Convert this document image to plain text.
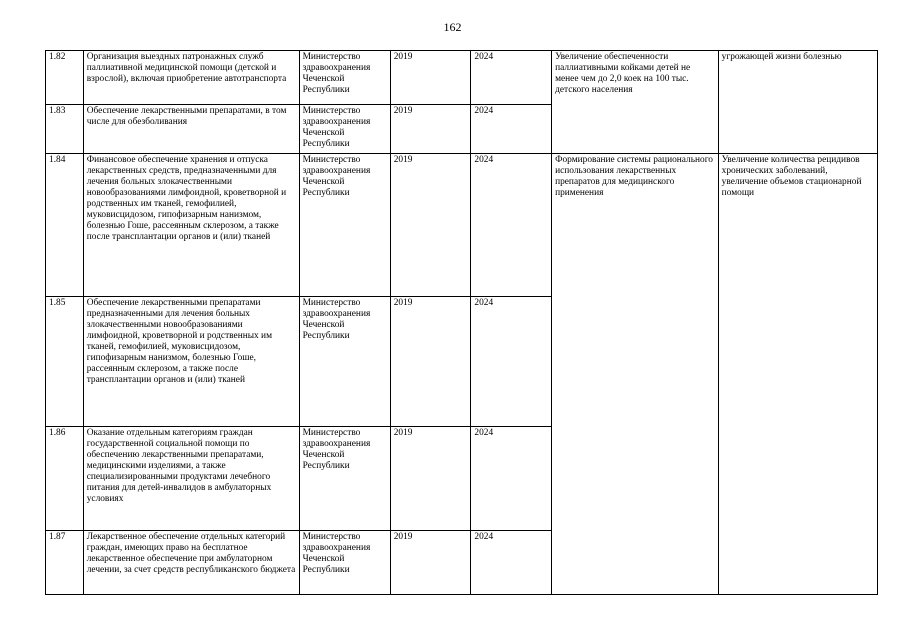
162
1.82	Организация выездных патронажных служб паллиативной медицинской помощи (детской и взрослой), включая приобретение автотранспорта	Министерство здравоохранения Чеченской Республики	2019	2024	Увеличение обеспеченности паллиативными койками детей не менее чем до 2,0 коек на 100 тыс. детского населения	угрожающей жизни болезнью
1.83	Обеспечение лекарственными препаратами, в том числе для обезболивания	Министерство здравоохранения Чеченской Республики	2019	2024		
1.84	Финансовое обеспечение хранения и отпуска лекарственных средств, предназначенными для лечения больных злокачественными новообразованиями лимфоидной, кроветворной и родственных им тканей, гемофилией, муковисцидозом, гипофизарным нанизмом, болезнью Гоше, рассеянным склерозом, а также после трансплантации органов и (или) тканей	Министерство здравоохранения Чеченской Республики	2019	2024	Формирование системы рационального использования лекарственных препаратов для медицинского применения	Увеличение количества рецидивов хронических заболеваний, увеличение объемов стационарной помощи
1.85	Обеспечение лекарственными препаратами предназначенными для лечения больных злокачественными новообразованиями лимфоидной, кроветворной и родственных им тканей, гемофилией, муковисцидозом, гипофизарным нанизмом, болезнью Гоше, рассеянным склерозом, а также после трансплантации органов и (или) тканей	Министерство здравоохранения Чеченской Республики	2019	2024		
1.86	Оказание отдельным категориям граждан государственной социальной помощи по обеспечению лекарственными препаратами, медицинскими изделиями, а также специализированными продуктами лечебного питания для детей-инвалидов в амбулаторных условиях	Министерство здравоохранения Чеченской Республики	2019	2024		
1.87	Лекарственное обеспечение отдельных категорий граждан, имеющих право на бесплатное лекарственное обеспечение при амбулаторном лечении, за счет средств республиканского бюджета	Министерство здравоохранения Чеченской Республики	2019	2024		
